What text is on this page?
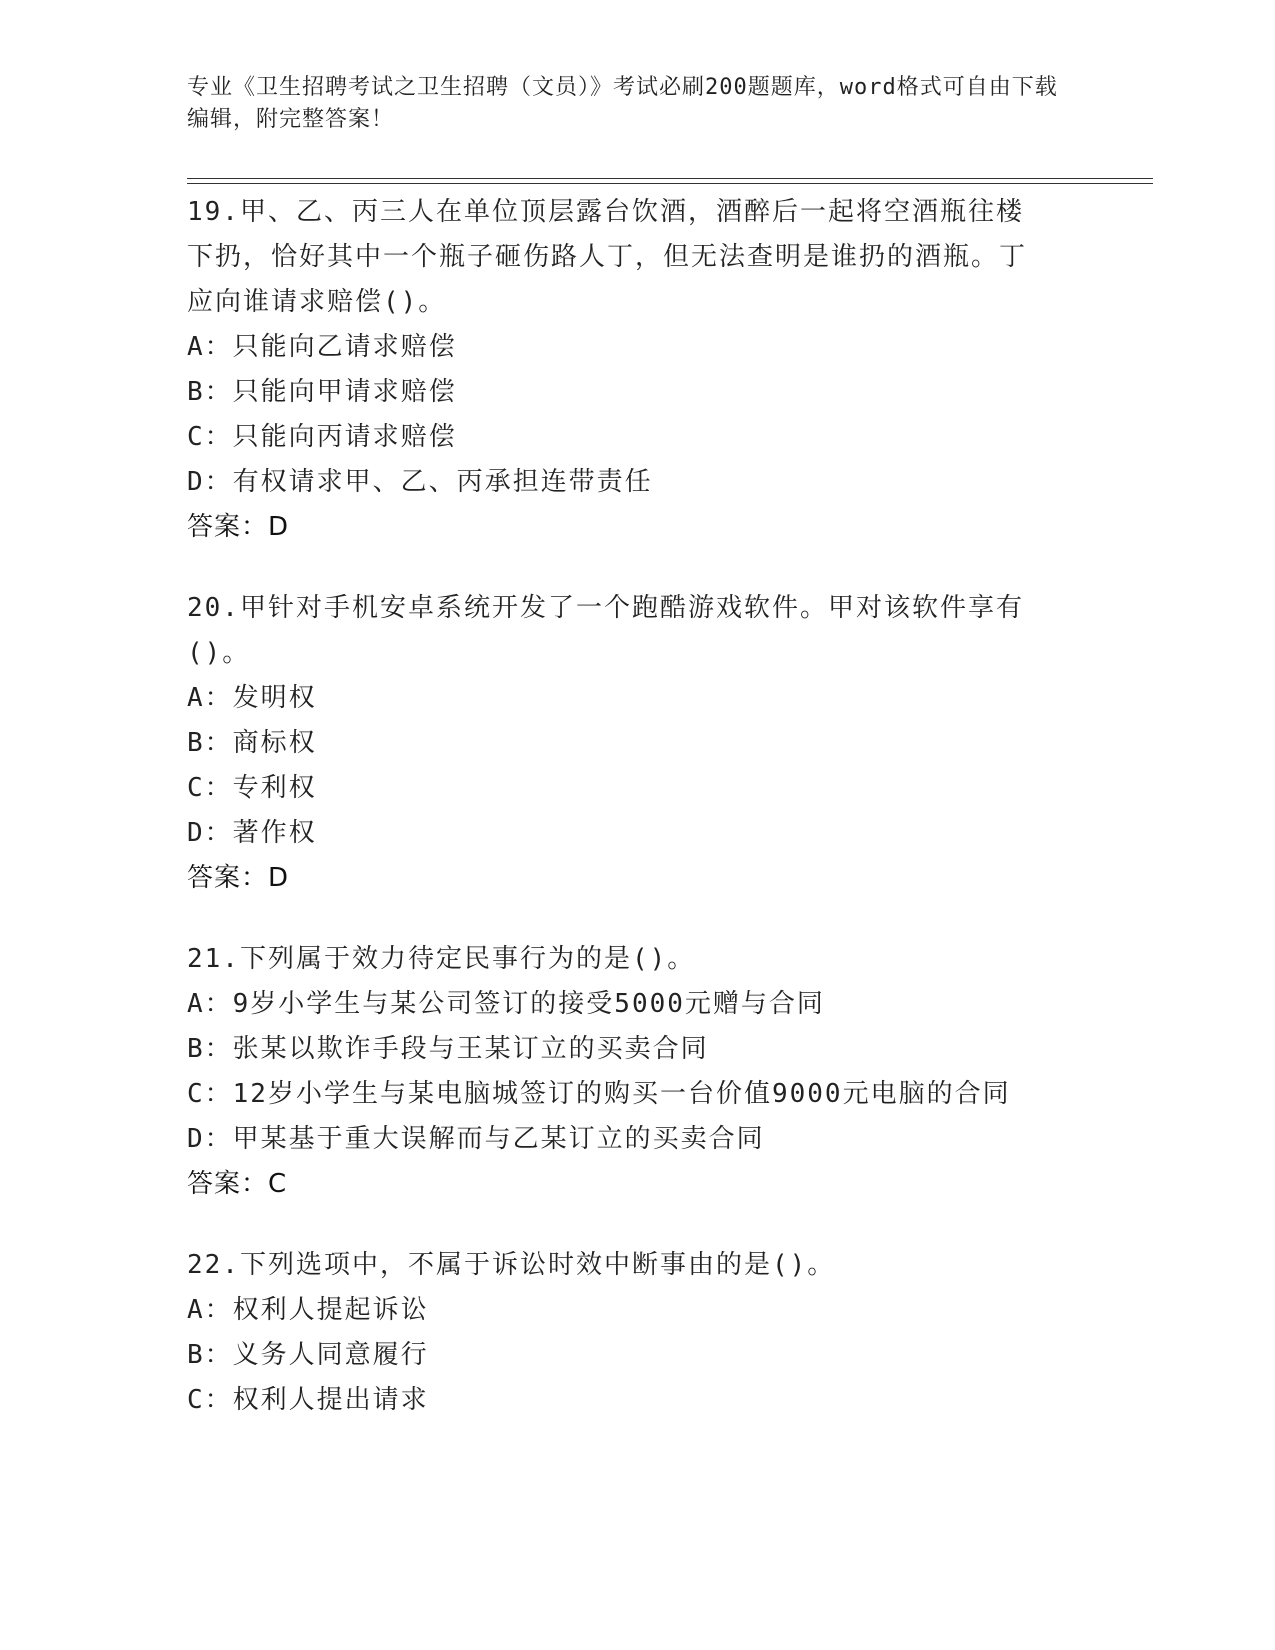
专业《卫生招聘考试之卫生招聘（文员）》考试必刷200题题库，word格式可自由下载编辑，附完整答案！
19.甲、乙、丙三人在单位顶层露台饮酒，酒醉后一起将空酒瓶往楼下扔，恰好其中一个瓶子砸伤路人丁，但无法查明是谁扔的酒瓶。丁应向谁请求赔偿()。
A：只能向乙请求赔偿
B：只能向甲请求赔偿
C：只能向丙请求赔偿
D：有权请求甲、乙、丙承担连带责任
答案：D
20.甲针对手机安卓系统开发了一个跑酷游戏软件。甲对该软件享有()。
A：发明权
B：商标权
C：专利权
D：著作权
答案：D
21.下列属于效力待定民事行为的是()。
A：9岁小学生与某公司签订的接受5000元赠与合同
B：张某以欺诈手段与王某订立的买卖合同
C：12岁小学生与某电脑城签订的购买一台价值9000元电脑的合同
D：甲某基于重大误解而与乙某订立的买卖合同
答案：C
22.下列选项中，不属于诉讼时效中断事由的是()。
A：权利人提起诉讼
B：义务人同意履行
C：权利人提出请求
